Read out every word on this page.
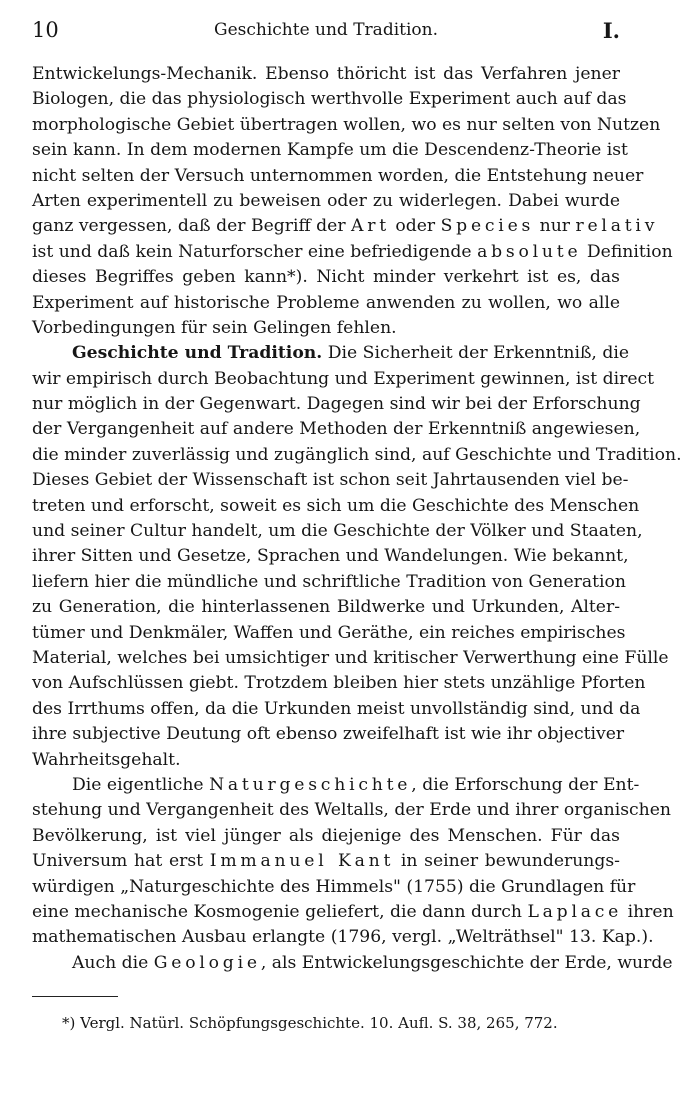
10	Geschichte und Tradition.	I.
Entwickelungs-Mechanik. Ebenso thöricht ist das Verfahren jener
Biologen, die das physiologisch werthvolle Experiment auch auf das
morphologische Gebiet übertragen wollen, wo es nur selten von Nutzen
sein kann. In dem modernen Kampfe um die Descendenz-Theorie ist
nicht selten der Versuch unternommen worden, die Entstehung neuer
Arten experimentell zu beweisen oder zu widerlegen. Dabei wurde
ganz vergessen, daß der Begriff der Art oder Species nur relativ
ist und daß kein Naturforscher eine befriedigende absolute Definition
dieses Begriffes geben kann*). Nicht minder verkehrt ist es, das
Experiment auf historische Probleme anwenden zu wollen, wo alle
Vorbedingungen für sein Gelingen fehlen.
Geschichte und Tradition. Die Sicherheit der Erkenntniß, die
wir empirisch durch Beobachtung und Experiment gewinnen, ist direct
nur möglich in der Gegenwart. Dagegen sind wir bei der Erforschung
der Vergangenheit auf andere Methoden der Erkenntniß angewiesen,
die minder zuverlässig und zugänglich sind, auf Geschichte und Tradition.
Dieses Gebiet der Wissenschaft ist schon seit Jahrtausenden viel be-
treten und erforscht, soweit es sich um die Geschichte des Menschen
und seiner Cultur handelt, um die Geschichte der Völker und Staaten,
ihrer Sitten und Gesetze, Sprachen und Wandelungen. Wie bekannt,
liefern hier die mündliche und schriftliche Tradition von Generation
zu Generation, die hinterlassenen Bildwerke und Urkunden, Alter-
tümer und Denkmäler, Waffen und Geräthe, ein reiches empirisches
Material, welches bei umsichtiger und kritischer Verwerthung eine Fülle
von Aufschlüssen giebt. Trotzdem bleiben hier stets unzählige Pforten
des Irrthums offen, da die Urkunden meist unvollständig sind, und da
ihre subjective Deutung oft ebenso zweifelhaft ist wie ihr objectiver
Wahrheitsgehalt.
Die eigentliche Naturgeschichte, die Erforschung der Ent-
stehung und Vergangenheit des Weltalls, der Erde und ihrer organischen
Bevölkerung, ist viel jünger als diejenige des Menschen. Für das
Universum hat erst Immanuel Kant in seiner bewunderungs-
würdigen „Naturgeschichte des Himmels" (1755) die Grundlagen für
eine mechanische Kosmogenie geliefert, die dann durch Laplace ihren
mathematischen Ausbau erlangte (1796, vergl. „Welträthsel" 13. Kap.).
Auch die Geologie, als Entwickelungsgeschichte der Erde, wurde
*) Vergl. Natürl. Schöpfungsgeschichte. 10. Aufl. S. 38, 265, 772.
